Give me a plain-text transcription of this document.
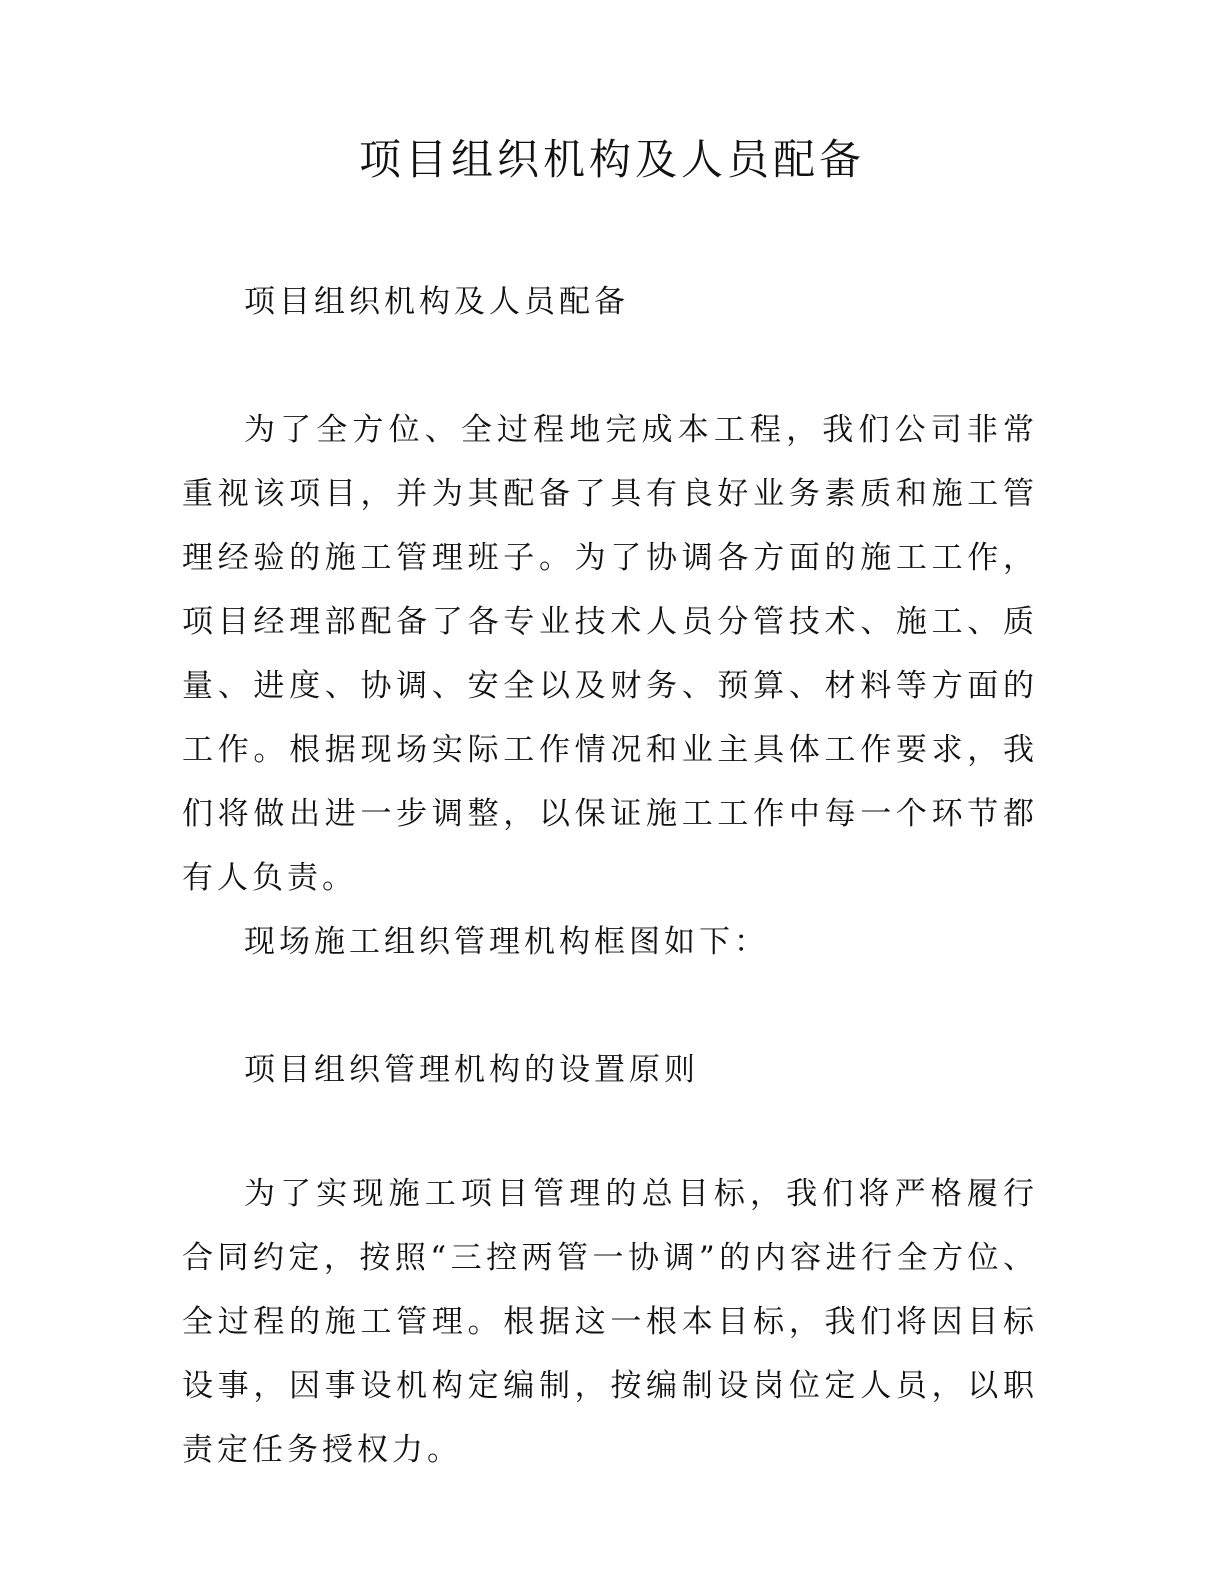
项目组织机构及人员配备

项目组织机构及人员配备

为了全方位、全过程地完成本工程，我们公司非常重视该项目，并为其配备了具有良好业务素质和施工管理经验的施工管理班子。为了协调各方面的施工工作，项目经理部配备了各专业技术人员分管技术、施工、质量、进度、协调、安全以及财务、预算、材料等方面的工作。根据现场实际工作情况和业主具体工作要求，我们将做出进一步调整，以保证施工工作中每一个环节都有人负责。

现场施工组织管理机构框图如下：

项目组织管理机构的设置原则

为了实现施工项目管理的总目标，我们将严格履行合同约定，按照“三控两管一协调”的内容进行全方位、全过程的施工管理。根据这一根本目标，我们将因目标设事，因事设机构定编制，按编制设岗位定人员，以职责定任务授权力。
